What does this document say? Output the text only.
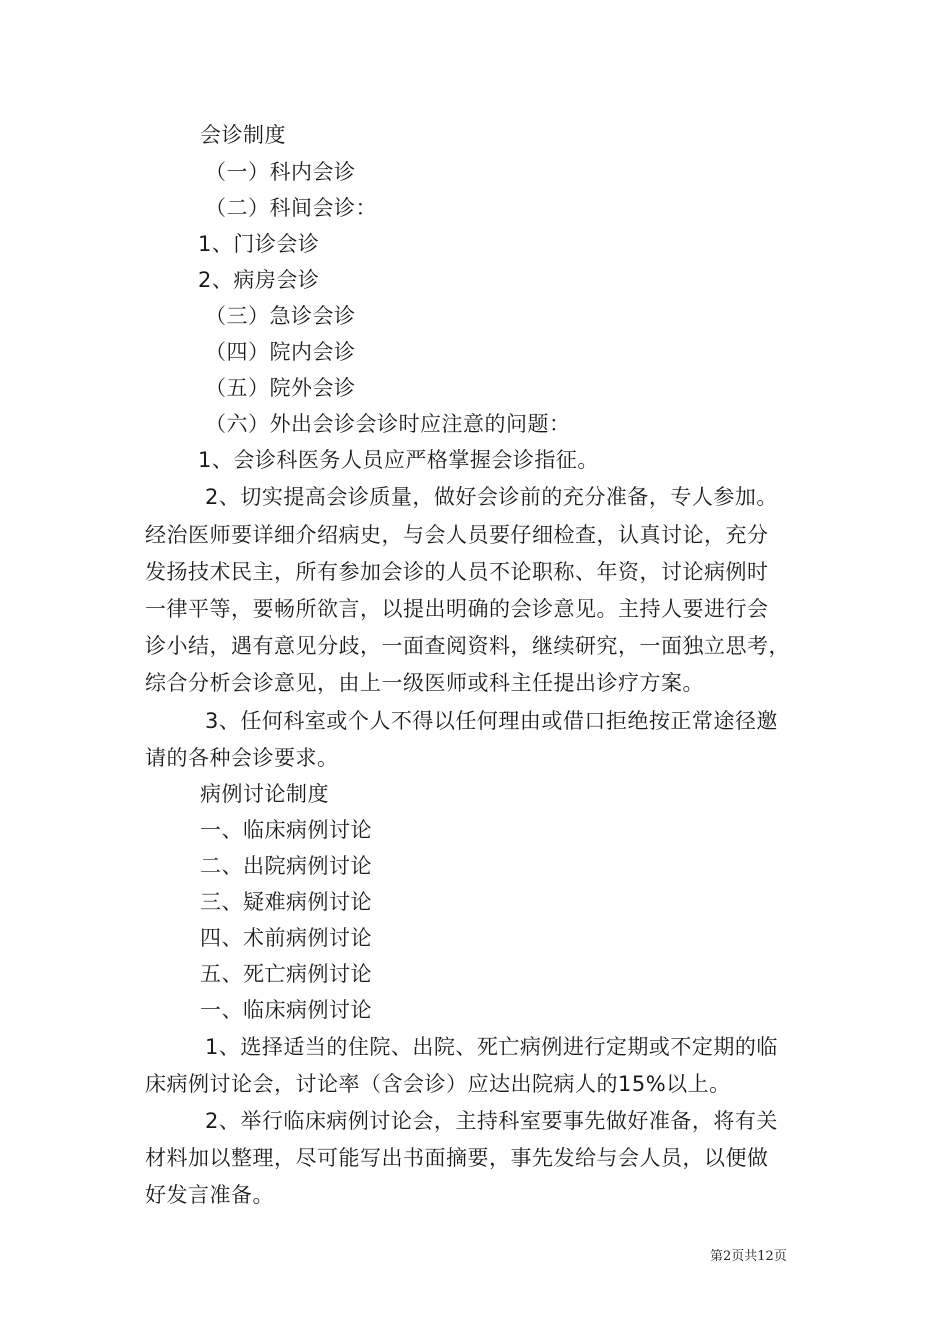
会诊制度
（一）科内会诊
（二）科间会诊：
1、门诊会诊
2、病房会诊
（三）急诊会诊
（四）院内会诊
（五）院外会诊
（六）外出会诊会诊时应注意的问题：
1、会诊科医务人员应严格掌握会诊指征。
2、切实提高会诊质量，做好会诊前的充分准备，专人参加。
经治医师要详细介绍病史，与会人员要仔细检查，认真讨论，充分
发扬技术民主，所有参加会诊的人员不论职称、年资，讨论病例时
一律平等，要畅所欲言，以提出明确的会诊意见。主持人要进行会
诊小结，遇有意见分歧，一面查阅资料，继续研究，一面独立思考，
综合分析会诊意见，由上一级医师或科主任提出诊疗方案。
3、任何科室或个人不得以任何理由或借口拒绝按正常途径邀
请的各种会诊要求。
病例讨论制度
一、临床病例讨论
二、出院病例讨论
三、疑难病例讨论
四、术前病例讨论
五、死亡病例讨论
一、临床病例讨论
1、选择适当的住院、出院、死亡病例进行定期或不定期的临
床病例讨论会，讨论率（含会诊）应达出院病人的15%以上。
2、举行临床病例讨论会，主持科室要事先做好准备，将有关
材料加以整理，尽可能写出书面摘要，事先发给与会人员，以便做
好发言准备。
第2页共12页
